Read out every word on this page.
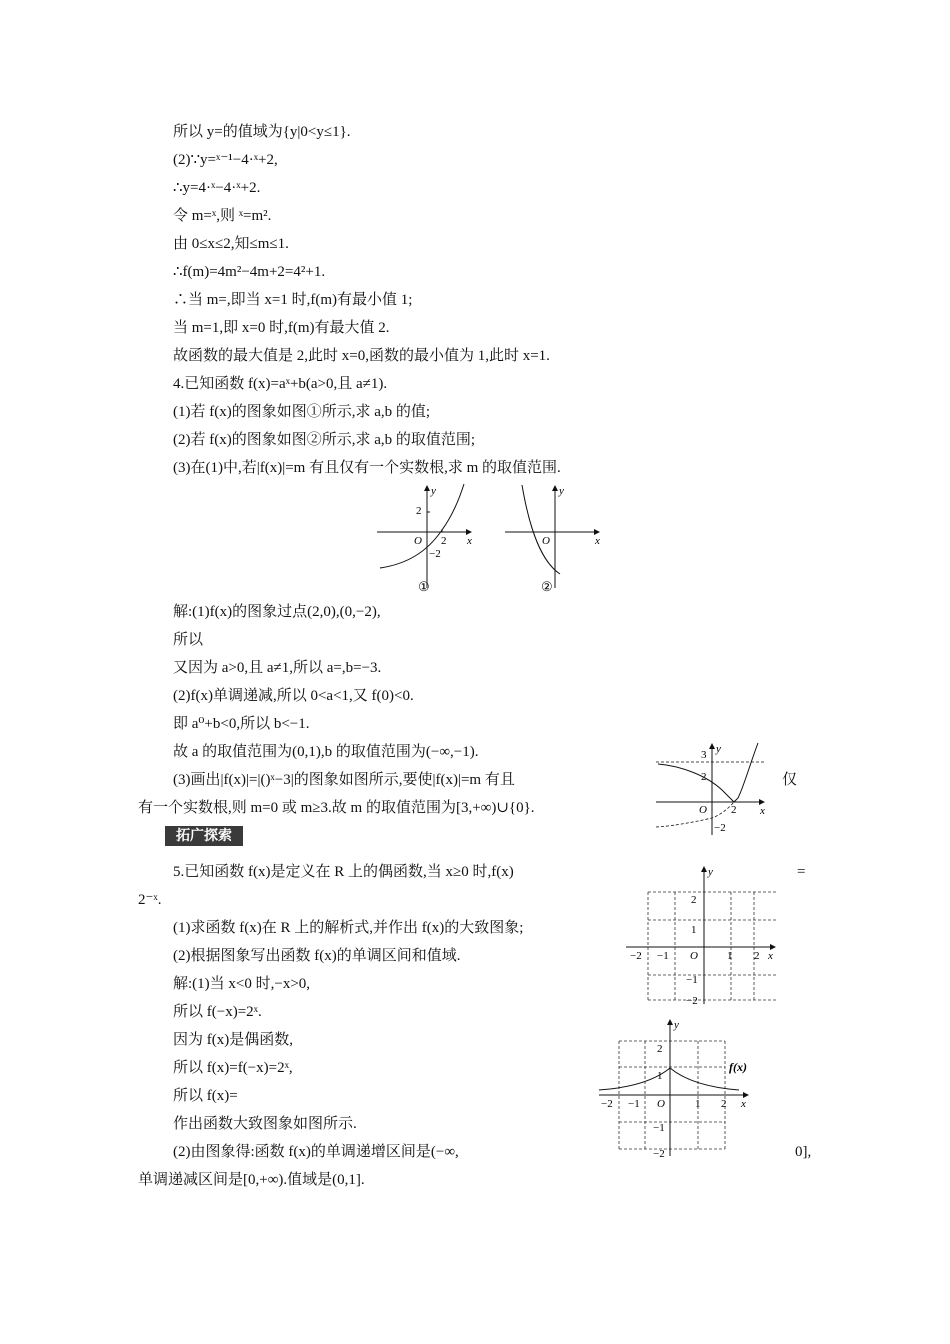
所以 y=的值域为{y|0<y≤1}.
(2)∵y=ˣ⁻¹−4·ˣ+2,
∴y=4·ˣ−4·ˣ+2.
令 m=ˣ,则 ˣ=m².
由 0≤x≤2,知≤m≤1.
∴f(m)=4m²−4m+2=4²+1.
∴当 m=,即当 x=1 时,f(m)有最小值 1;
当 m=1,即 x=0 时,f(m)有最大值 2.
故函数的最大值是 2,此时 x=0,函数的最小值为 1,此时 x=1.
4.已知函数 f(x)=aˣ+b(a>0,且 a≠1).
(1)若 f(x)的图象如图①所示,求 a,b 的值;
(2)若 f(x)的图象如图②所示,求 a,b 的取值范围;
(3)在(1)中,若|f(x)|=m 有且仅有一个实数根,求 m 的取值范围.
x
y
2
O 2
−2
①
x
y
O
②
解:(1)f(x)的图象过点(2,0),(0,−2),
所以
又因为 a>0,且 a≠1,所以 a=,b=−3.
(2)f(x)单调递减,所以 0<a<1,又 f(0)<0.
即 a⁰+b<0,所以 b<−1.
故 a 的取值范围为(0,1),b 的取值范围为(−∞,−1).
(3)画出|f(x)|=|()ˣ−3|的图象如图所示,要使|f(x)|=m 有且	仅
有一个实数根,则 m=0 或 m≥3.故 m 的取值范围为[3,+∞)∪{0}.	x
y
3
2
O 2
−2
拓广探索
5.已知函数 f(x)是定义在 R 上的偶函数,当 x≥0 时,f(x)	=
2⁻ˣ.
(1)求函数 f(x)在 R 上的解析式,并作出 f(x)的大致图象;
(2)根据图象写出函数 f(x)的单调区间和值域.
解:(1)当 x<0 时,−x>0,
所以 f(−x)=2ˣ.
因为 f(x)是偶函数,
所以 f(x)=f(−x)=2ˣ,
所以 f(x)=
作出函数大致图象如图所示.
(2)由图象得:函数 f(x)的单调递增区间是(−∞,	0],
单调递减区间是[0,+∞).值域是(0,1].
y
x
O
−2 −1	1 2
2
1
−1
−2
y
x
O
−2 −1	1 2
2
1
−1
−2
f(x)
